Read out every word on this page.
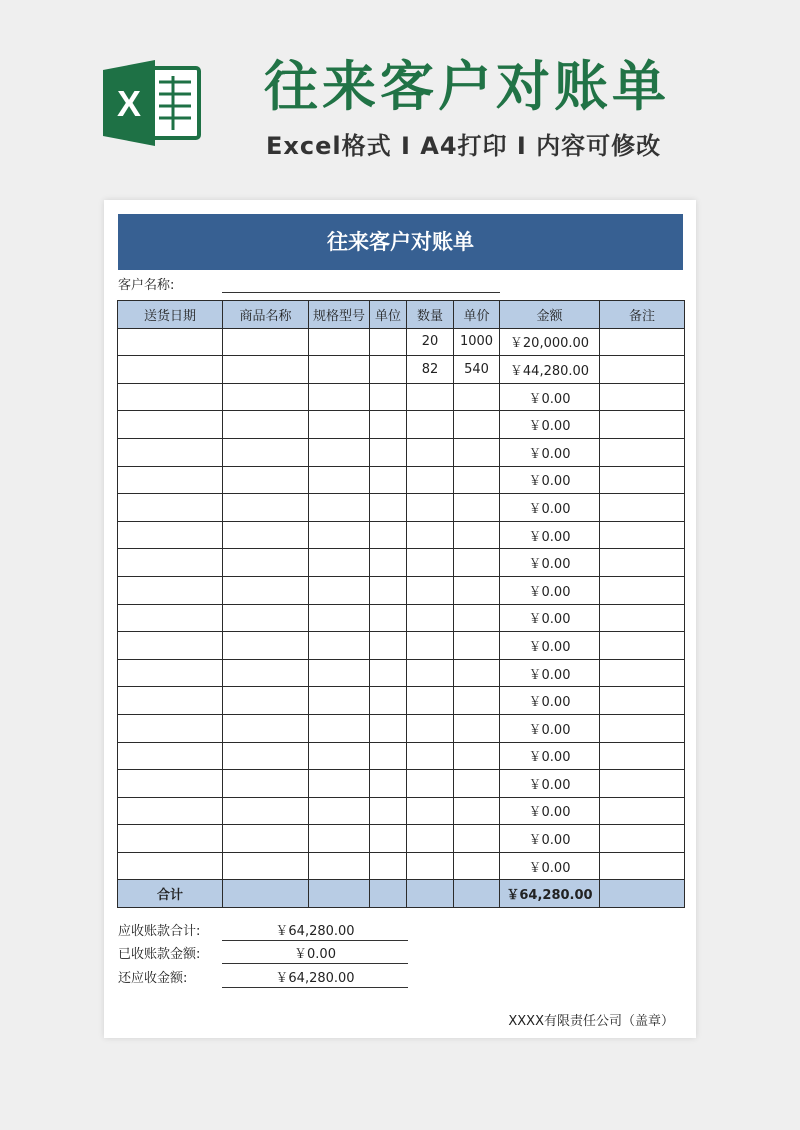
X 往来客户对账单
Excel格式 I A4打印 I 内容可修改
往来客户对账单
客户名称:
送货日期	商品名称	规格型号	单位	数量	单价	金额	备注
				20	1000	￥20,000.00	
				82	540	￥44,280.00	
						￥0.00	
						￥0.00	
						￥0.00	
						￥0.00	
						￥0.00	
						￥0.00	
						￥0.00	
						￥0.00	
						￥0.00	
						￥0.00	
						￥0.00	
						￥0.00	
						￥0.00	
						￥0.00	
						￥0.00	
						￥0.00	
						￥0.00	
						￥0.00	
合计						￥64,280.00	
应收账款合计:	￥64,280.00
已收账款金额:	￥0.00
还应收金额:	￥64,280.00
XXXX有限责任公司（盖章）
